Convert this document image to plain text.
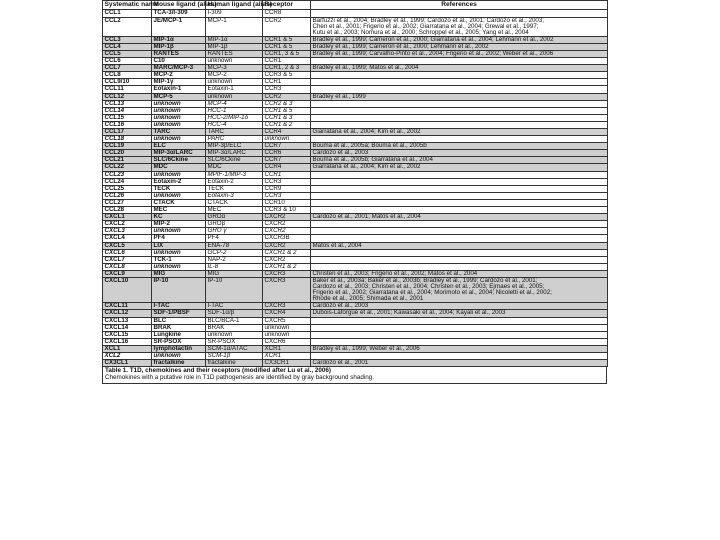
Systematic name	Mouse ligand (alias)	Human ligand (alias)	Receptor	References
CCL1	TCA-3/I-309	I-309	CCR8	
CCL2	JE/MCP-1	MCP-1	CCR2	Barfuzzi et al., 2004; Bradley et al., 1999; Cardozo et al., 2001; Cardozo et al., 2003;
Chen et al., 2001; Frigerio et al., 2002; Giarratana et al., 2004; Grewal et al., 1997;
Kutu et al., 2003; Nomura et al., 2000; Schroppel et al., 2005; Yang et al., 2004

CCL3	MIP-1α	MIP-1α	CCR1 & 5	Bradley et al., 1999; Cameron et al., 2000; Giarratana et al., 2004; Lehmann et al., 2002

CCL4	MIP-1β	MIP-1β	CCR1 & 5	Bradley et al., 1999; Cameron et al., 2000; Lehmann et al., 2002

CCL5	RANTES	RANTES	CCR1, 3 & 5	Bradley et al., 1999; Carvalho-Pinto et al., 2004; Frigerio et al., 2002; Weber et al., 2006

CCL6	C10	unknown	CCR1	
CCL7	MARC/MCP-3	MCP-3	CCR1, 2 & 3	Bradley et al., 1999; Matos et al., 2004

CCL8	MCP-2	MCP-2	CCR3 & 5	
CCL9/10	MIP-1γ	unknown	CCR1	
CCL11	Eotaxin-1	Eotaxin-1	CCR3	
CCL12	MCP-5	unknown	CCR2	Bradley et al., 1999

CCL13	unknown	MCP-4	CCR2 & 3	
CCL14	unknown	HCC-1	CCR1 & 5	
CCL15	unknown	HCC-2/MIP-1δ	CCR1 & 3	
CCL16	unknown	HCC-4	CCR1 & 2	
CCL17	TARC	TARC	CCR4	Giarratana et al., 2004; Kim et al., 2002

CCL18	unknown	PARC	unknown	
CCL19	ELC	MIP-3β/ELC	CCR7	Bouma et al., 2005a; Bouma et al., 2005b

CCL20	MIP-3α/LARC	MIP-3α/LARC	CCR6	Cardozo et al., 2003

CCL21	SLC/6Ckine	SLC/6Ckine	CCR7	Bouma et al., 2005b; Giarratana et al., 2004

CCL22	MDC	MDC	CCR4	Giarratana et al., 2004; Kim et al., 2002

CCL23	unknown	MPIF-1/MIP-3	CCR1	
CCL24	Eotaxin-2	Eotaxin-2	CCR3	
CCL25	TECK	TECK	CCR9	
CCL26	unknown	Eotaxin-3	CCR3	
CCL27	CTACK	CTACK	CCR10	
CCL28	MEC	MEC	CCR3 & 10	
CXCL1	KC	GROα	CXCR2	Cardozo et al., 2001; Matos et al., 2004

CXCL2	MIP-2	GROβ	CXCR2	
CXCL3	unknown	GRO γ	CXCR2	
CXCL4	PF4	PF4	CXCR3B	
CXCL5	LIX	ENA-78	CXCR2	Matos et al., 2004

CXCL6	unknown	GCP-2	CXCR1 & 2	
CXCL7	TCK-1	NAP-2	CXCR2	
CXCL8	unknown	IL-8	CXCR1 & 2	
CXCL9	MIG	MIG	CXCR3	Christen et al., 2003; Frigerio et al., 2002; Matos et al., 2004

CXCL10	IP-10	IP-10	CXCR3	Baker et al., 2003a; Baker et al., 2003b; Bradley et al., 1999; Cardozo et al., 2001;
Cardozo et al., 2003; Christen et al., 2004; Christen et al., 2003; Ejrnaes et al., 2005;
Frigerio et al., 2002; Giarratana et al., 2004; Morimoto et al., 2004; Nicoletti et al., 2002;
Rhode et al., 2005; Shimada et al., 2001

CXCL11	I-TAC	I-TAC	CXCR3	Cardozo et al., 2003

CXCL12	SDF-1/PBSF	SDF-1α/β	CXCR4	Dubois-Laforgue et al., 2001; Kawasaki et al., 2004; Kayali et al., 2003

CXCL13	BLC	BLC/BCA-1	CXCR5	
CXCL14	BRAK	BRAK	unknown	
CXCL15	Lungkine	unknown	unknown	
CXCL16	SR-PSOX	SR-PSOX	CXCR6	
XCL1	lymphotactin	SCM-1α/ATAC	XCR1	Bradley et al., 1999; Weber et al., 2006

XCL2	unknown	SCM-1β	XCR1	
CX3CL1	fractalkine	fractalkine	CX3CR1	Cardozo et al., 2001
Table 1. T1D, chemokines and their receptors (modified after Lu et al., 2006)
Chemokines with a putative role in T1D pathogenesis are identified by gray background shading.
